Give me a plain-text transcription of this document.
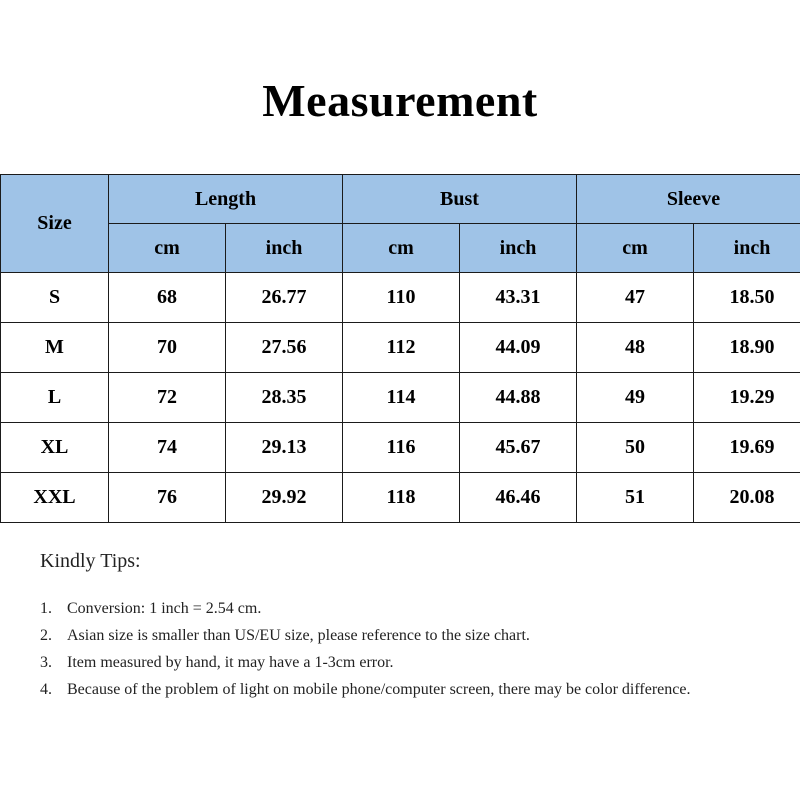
Measurement
Size	Length		Bust		Sleeve	
	cm	inch	cm	inch	cm	inch
S	68	26.77	110	43.31	47	18.50
M	70	27.56	112	44.09	48	18.90
L	72	28.35	114	44.88	49	19.29
XL	74	29.13	116	45.67	50	19.69
XXL	76	29.92	118	46.46	51	20.08
Kindly Tips:
1. Conversion: 1 inch = 2.54 cm.
2. Asian size is smaller than US/EU size, please reference to the size chart.
3. Item measured by hand, it may have a 1-3cm error.
4. Because of the problem of light on mobile phone/computer screen, there may be color difference.
